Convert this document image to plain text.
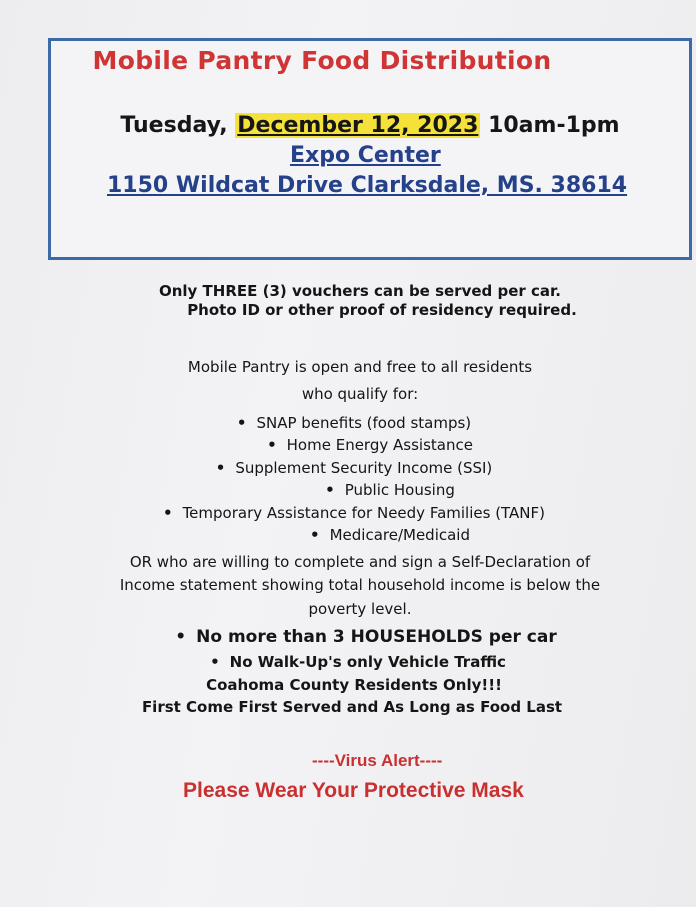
Mobile Pantry Food Distribution
Tuesday, December 12, 2023 10am-1pm
Expo Center
1150 Wildcat Drive Clarksdale, MS. 38614
Only THREE (3) vouchers can be served per car.
Photo ID or other proof of residency required.
Mobile Pantry is open and free to all residents
who qualify for:
• SNAP benefits (food stamps)
• Home Energy Assistance
• Supplement Security Income (SSI)
• Public Housing
• Temporary Assistance for Needy Families (TANF)
• Medicare/Medicaid
OR who are willing to complete and sign a Self-Declaration of
Income statement showing total household income is below the
poverty level.
• No more than 3 HOUSEHOLDS per car
• No Walk-Up's only Vehicle Traffic
Coahoma County Residents Only!!!
First Come First Served and As Long as Food Last
----Virus Alert----
Please Wear Your Protective Mask
